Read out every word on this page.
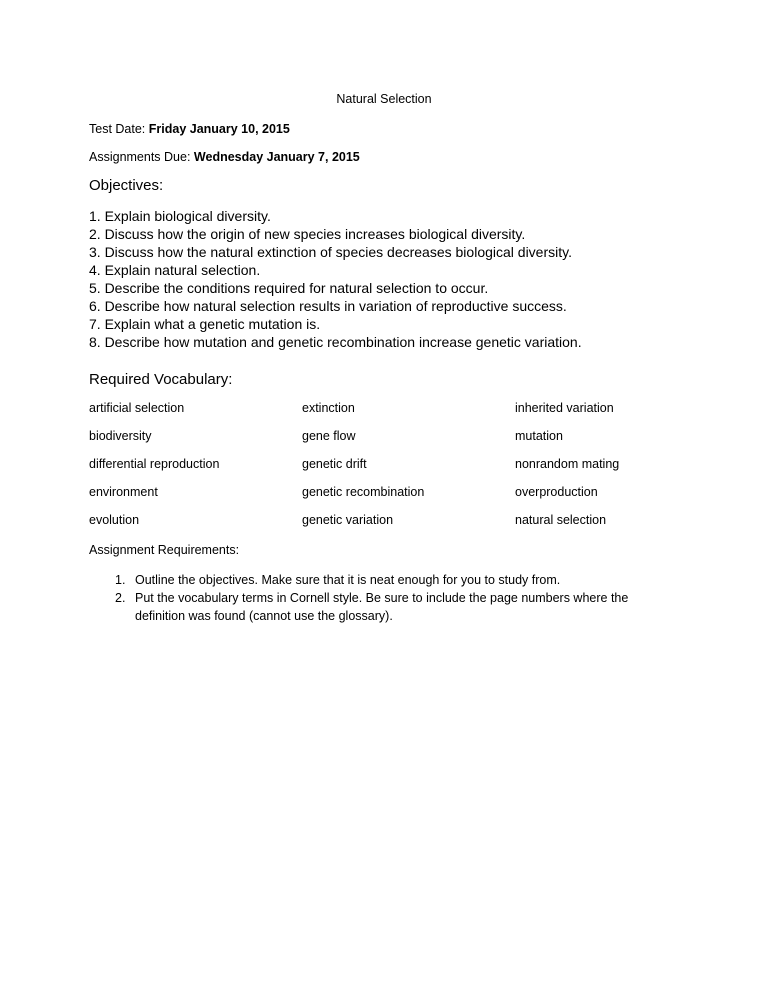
Natural Selection
Test Date: Friday January 10, 2015
Assignments Due: Wednesday January 7, 2015
Objectives:
1. Explain biological diversity.
2. Discuss how the origin of new species increases biological diversity.
3. Discuss how the natural extinction of species decreases biological diversity.
4. Explain natural selection.
5. Describe the conditions required for natural selection to occur.
6. Describe how natural selection results in variation of reproductive success.
7. Explain what a genetic mutation is.
8. Describe how mutation and genetic recombination increase genetic variation.
Required Vocabulary:
artificial selection	extinction	inherited variation
biodiversity	gene flow	mutation
differential reproduction	genetic drift	nonrandom mating
environment	genetic recombination	overproduction
evolution	genetic variation	natural selection
Assignment Requirements:
1. Outline the objectives. Make sure that it is neat enough for you to study from.
2. Put the vocabulary terms in Cornell style. Be sure to include the page numbers where the definition was found (cannot use the glossary).
